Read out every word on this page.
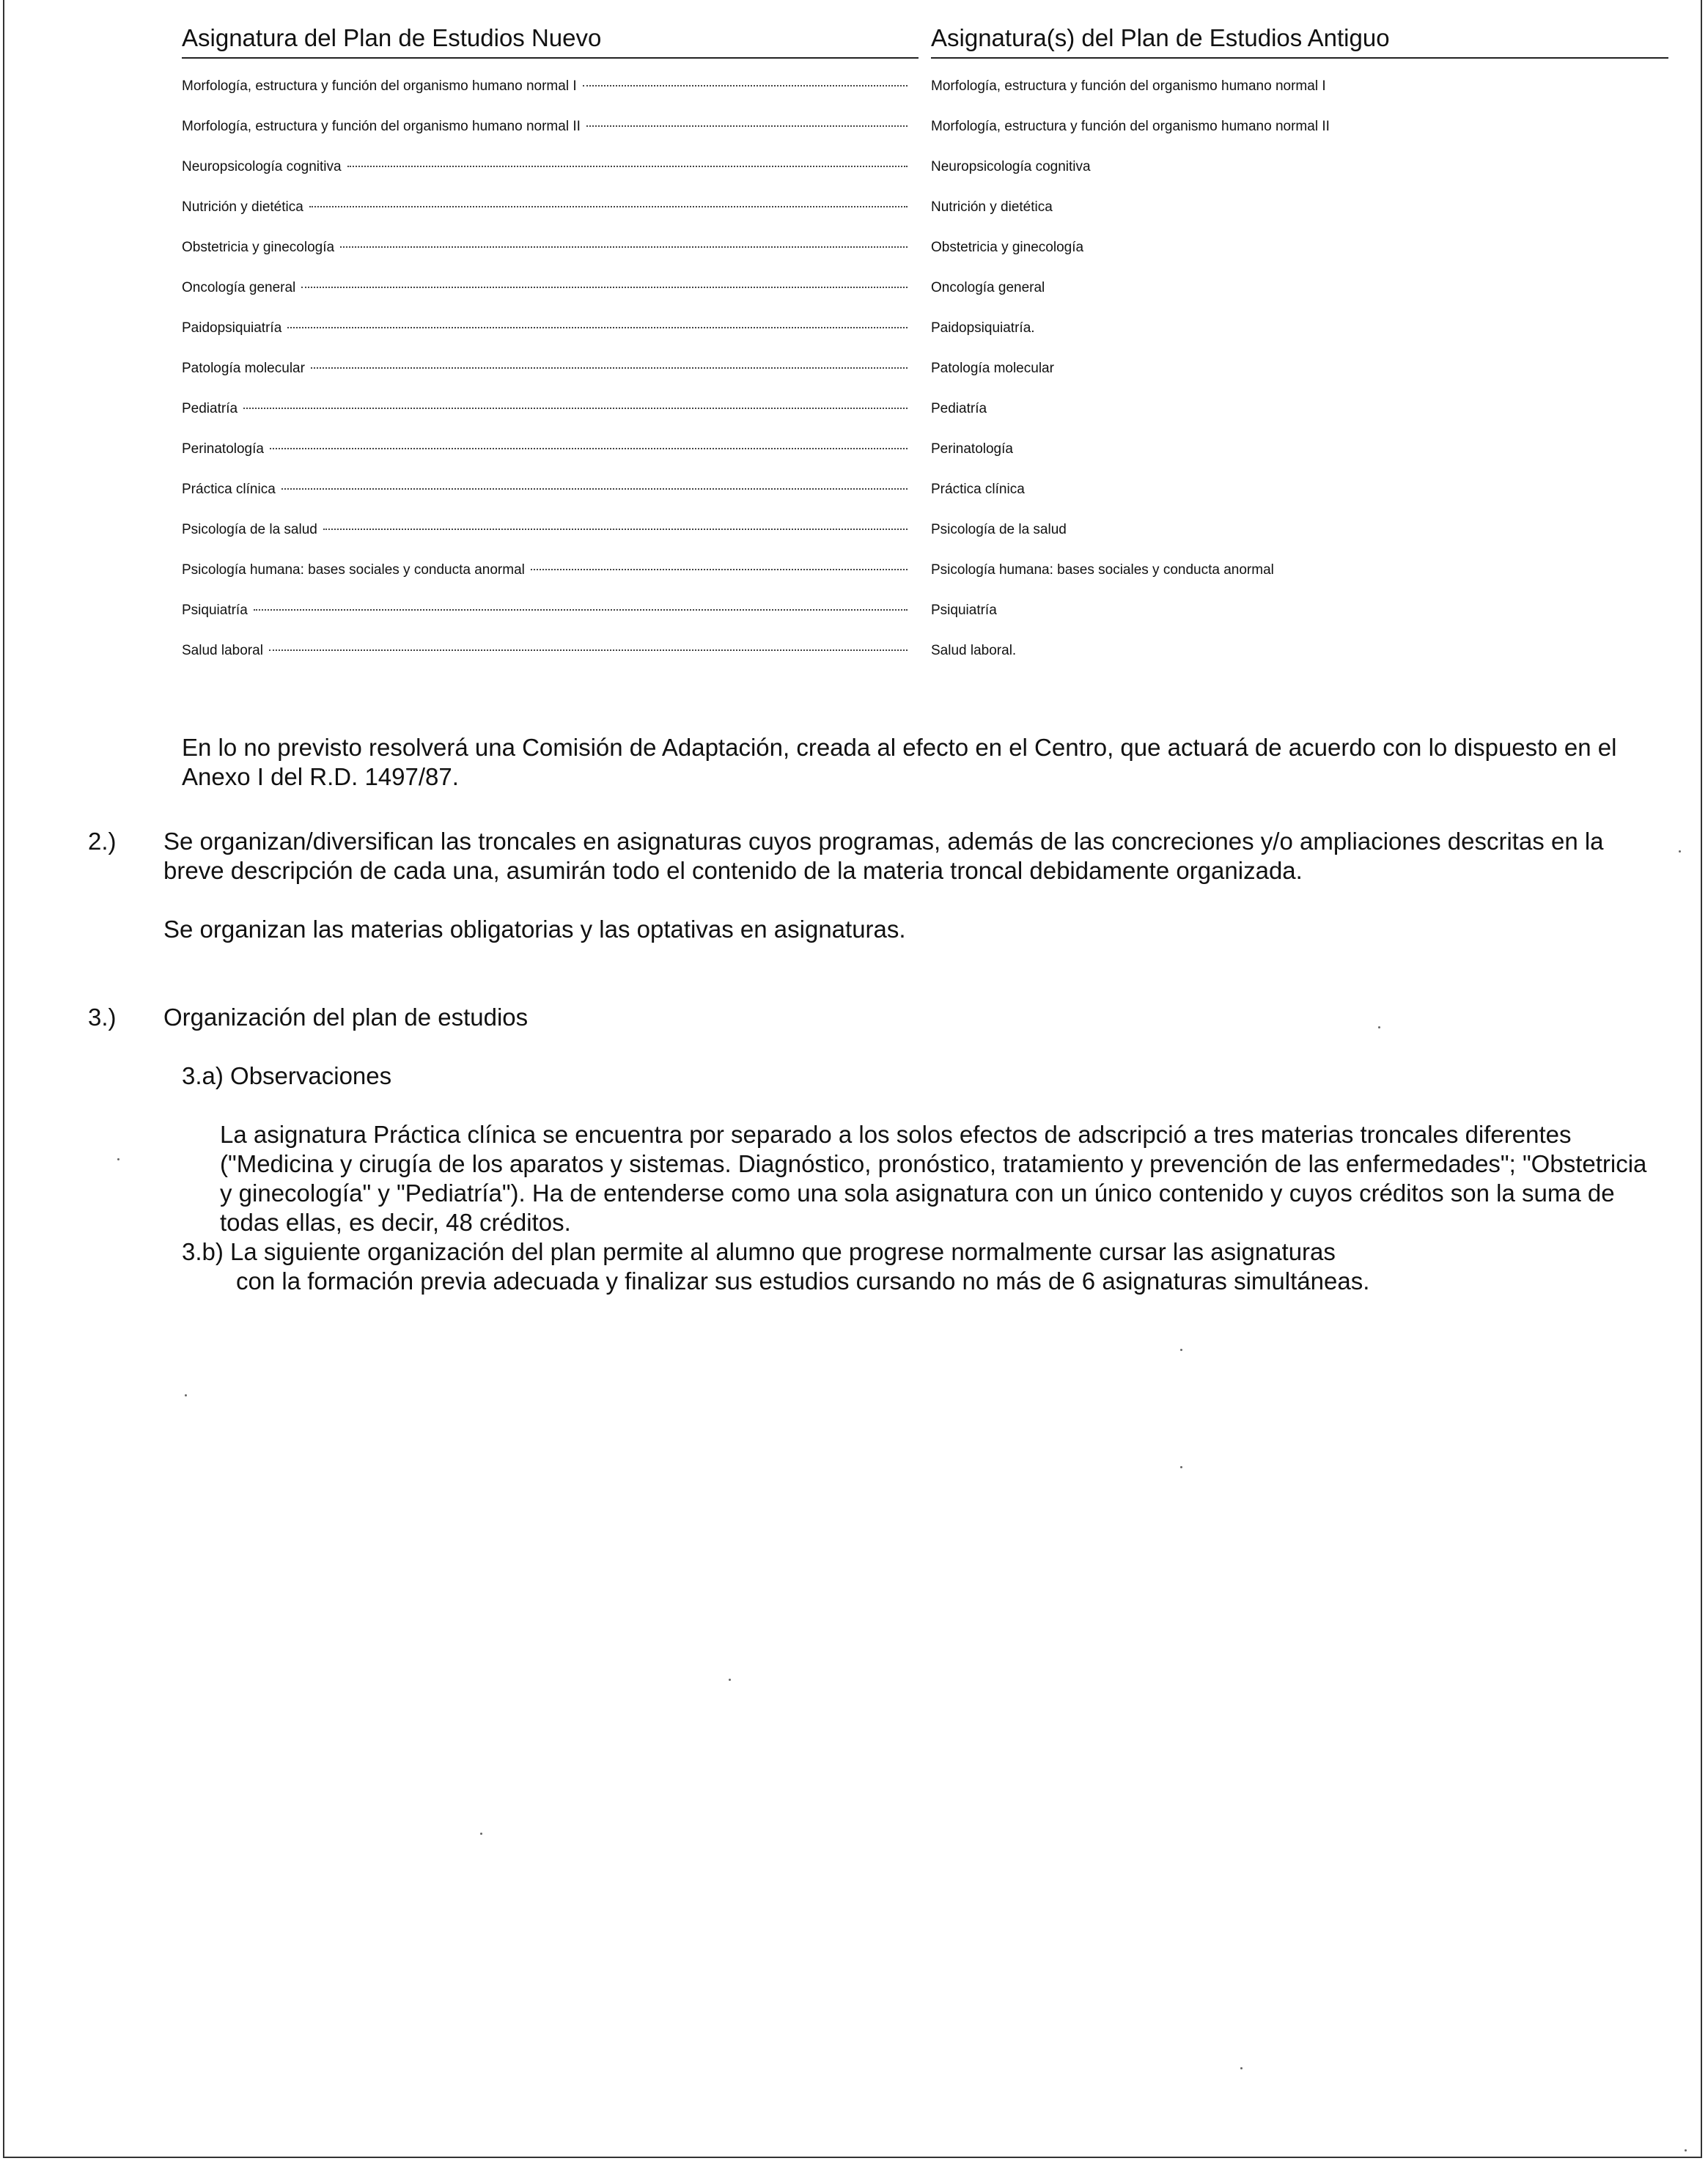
Asignatura del Plan de Estudios Nuevo	Asignatura(s) del Plan de Estudios Antiguo
Morfología, estructura y función del organismo humano normal I	Morfología, estructura y función del organismo humano normal I
Morfología, estructura y función del organismo humano normal II	Morfología, estructura y función del organismo humano normal II
Neuropsicología cognitiva	Neuropsicología cognitiva
Nutrición y dietética	Nutrición y dietética
Obstetricia y ginecología	Obstetricia y ginecología
Oncología general	Oncología general
Paidopsiquiatría	Paidopsiquiatría.
Patología molecular	Patología molecular
Pediatría	Pediatría
Perinatología	Perinatología
Práctica clínica	Práctica clínica
Psicología de la salud	Psicología de la salud
Psicología humana: bases sociales y conducta anormal	Psicología humana: bases sociales y conducta anormal
Psiquiatría	Psiquiatría
Salud laboral	Salud laboral.
En lo no previsto resolverá una Comisión de Adaptación, creada al efecto en el Centro, que actuará de acuerdo con lo dispuesto en el Anexo I del R.D. 1497/87.
2.) Se organizan/diversifican las troncales en asignaturas cuyos programas, además de las concreciones y/o ampliaciones descritas en la breve descripción de cada una, asumirán todo el contenido de la materia troncal debidamente organizada.
Se organizan las materias obligatorias y las optativas en asignaturas.
3.) Organización del plan de estudios
3.a) Observaciones
La asignatura Práctica clínica se encuentra por separado a los solos efectos de adscripció a tres materias troncales diferentes ("Medicina y cirugía de los aparatos y sistemas. Diagnóstico, pronóstico, tratamiento y prevención de las enfermedades"; "Obstetricia y ginecología" y "Pediatría"). Ha de entenderse como una sola asignatura con un único contenido y cuyos créditos son la suma de todas ellas, es decir, 48 créditos.
3.b) La siguiente organización del plan permite al alumno que progrese normalmente cursar las asignaturas
con la formación previa adecuada y finalizar sus estudios cursando no más de 6 asignaturas simultáneas.
